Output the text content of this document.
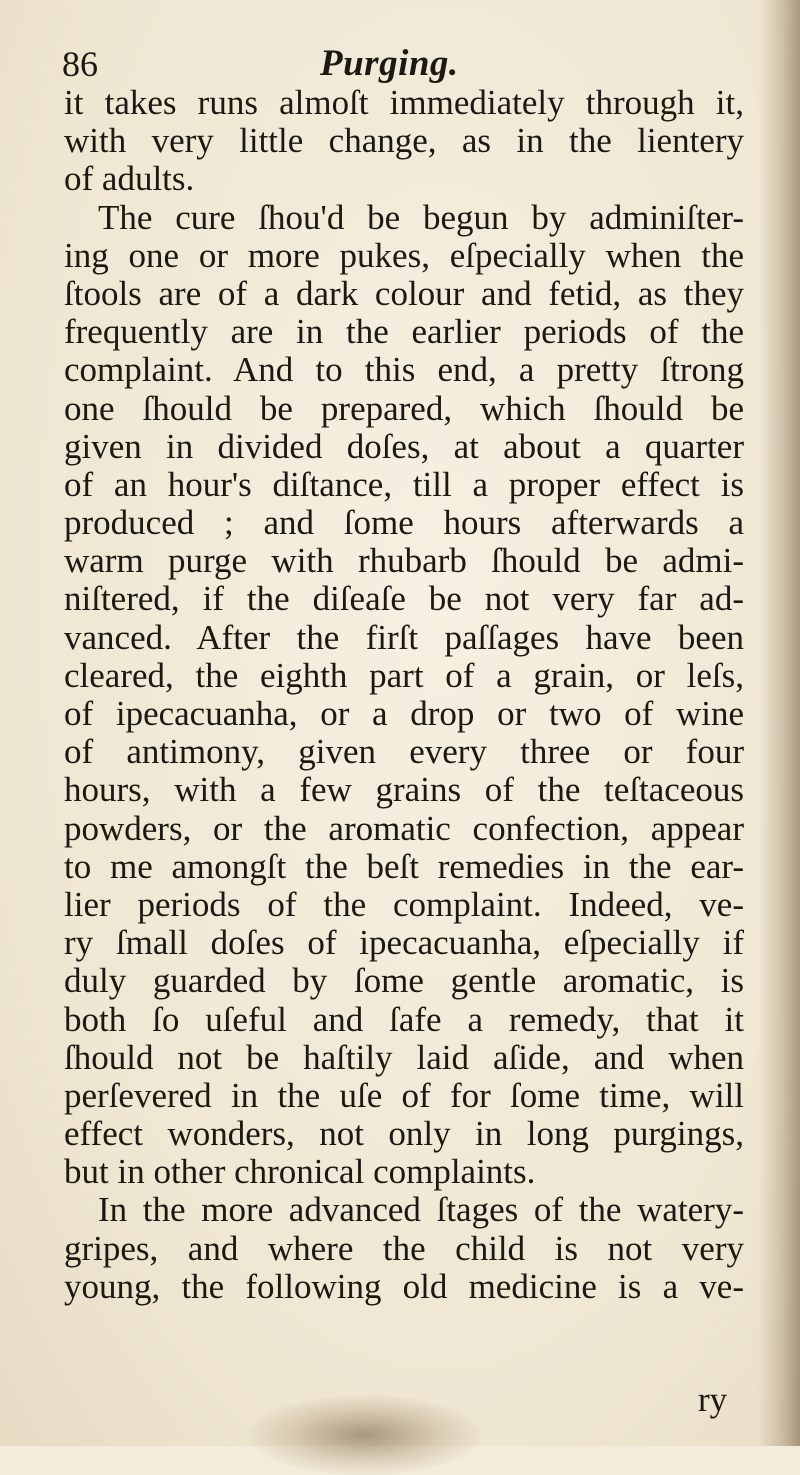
86	Purging.
it takes runs almoſt immediately through it,
with very little change, as in the lientery
of adults.
The cure ſhou'd be begun by adminiſter-
ing one or more pukes, eſpecially when the
ſtools are of a dark colour and fetid, as they
frequently are in the earlier periods of the
complaint. And to this end, a pretty ſtrong
one ſhould be prepared, which ſhould be
given in divided doſes, at about a quarter
of an hour's diſtance, till a proper effect is
produced ; and ſome hours afterwards a
warm purge with rhubarb ſhould be admi-
niſtered, if the diſeaſe be not very far ad-
vanced. After the firſt paſſages have been
cleared, the eighth part of a grain, or leſs,
of ipecacuanha, or a drop or two of wine
of antimony, given every three or four
hours, with a few grains of the teſtaceous
powders, or the aromatic confection, appear
to me amongſt the beſt remedies in the ear-
lier periods of the complaint. Indeed, ve-
ry ſmall doſes of ipecacuanha, eſpecially if
duly guarded by ſome gentle aromatic, is
both ſo uſeful and ſafe a remedy, that it
ſhould not be haſtily laid aſide, and when
perſevered in the uſe of for ſome time, will
effect wonders, not only in long purgings,
but in other chronical complaints.
In the more advanced ſtages of the watery-
gripes, and where the child is not very
young, the following old medicine is a ve-
ry
